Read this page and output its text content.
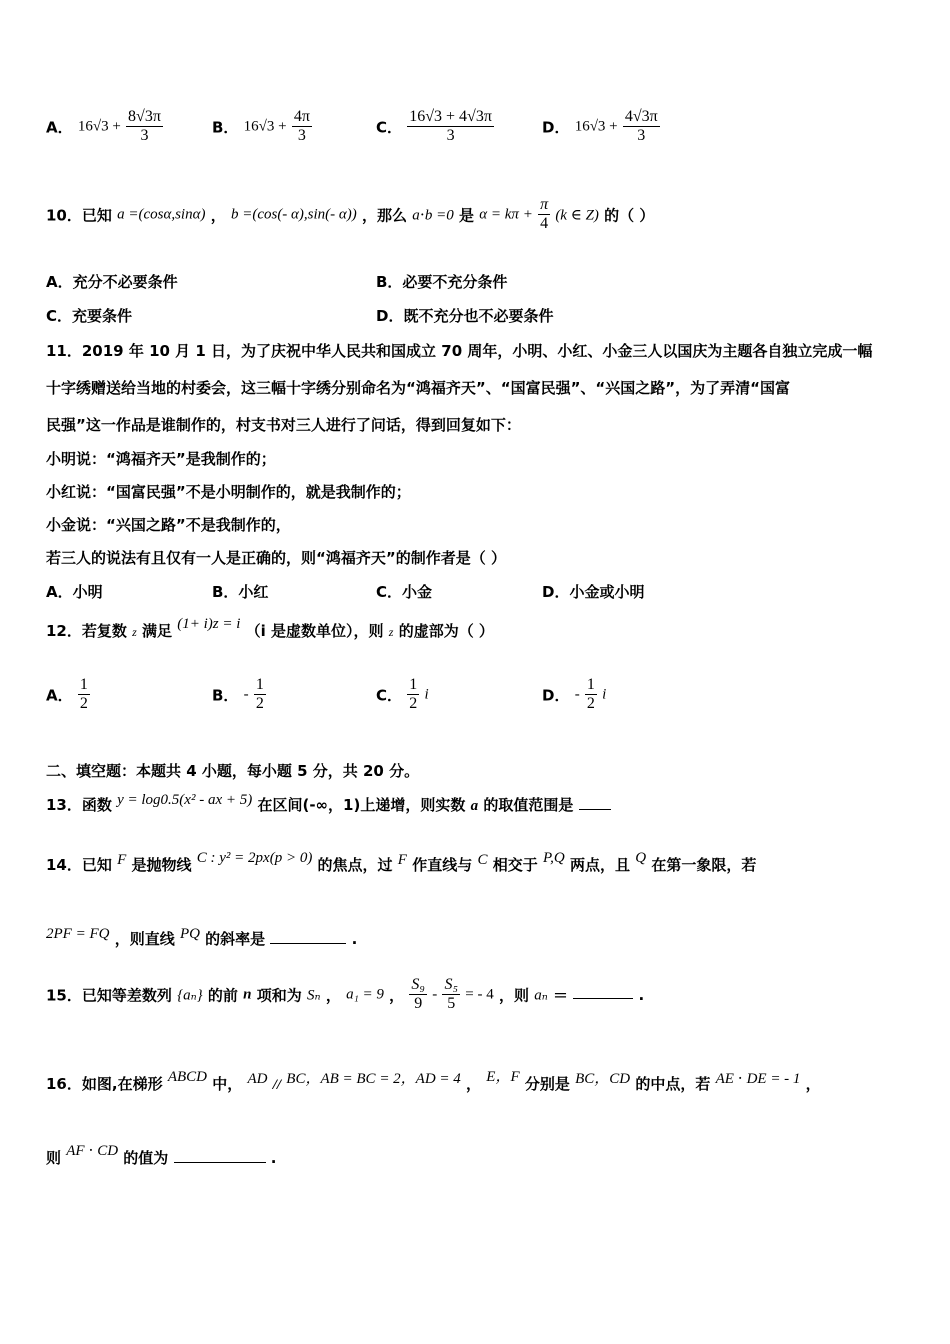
A． $16√3 + \frac{8√3\pi}{3}$	B． $16√3 + \frac{4\pi}{3}$	C． $\frac{16√3 + 4√3\pi}{3}$	D． $16√3 + \frac{4√3\pi}{3}$
10．已知 a =(cosα,sinα) ， b =(cos(- α),sin(- α)) ，那么 a⋅b =0 是 $\alpha = k\pi + \frac{\pi}{4} (k$ ∈ Z) 的（ ）
A．充分不必要条件	B．必要不充分条件
C．充要条件	D．既不充分也不必要条件
11．2019 年 10 月 1 日，为了庆祝中华人民共和国成立 70 周年，小明、小红、小金三人以国庆为主题各自独立完成一幅
十字绣赠送给当地的村委会，这三幅十字绣分别命名为“鸿福齐天”、“国富民强”、“兴国之路”，为了弄清“国富
民强”这一作品是谁制作的，村支书对三人进行了问话，得到回复如下：
小明说：“鸿福齐天”是我制作的；
小红说：“国富民强”不是小明制作的，就是我制作的；
小金说：“兴国之路”不是我制作的，
若三人的说法有且仅有一人是正确的，则“鸿福齐天”的制作者是（ ）
A．小明	B．小红	C．小金	D．小金或小明
12．若复数 z 满足 (1+ i)z = i （i 是虚数单位），则 z 的虚部为（ ）
A． $\frac{1}{2}$	B． - $\frac{1}{2}$	C． $\frac{1}{2}$ i	D． - $\frac{1}{2}$ i
二、填空题：本题共 4 小题，每小题 5 分，共 20 分。
13．函数 y = log0.5(x² - ax + 5) 在区间(-∞，1)上递增，则实数 a 的取值范围是
14．已知 F 是抛物线 C : y² = 2px(p > 0) 的焦点，过 F 作直线与 C 相交于 P,Q 两点，且 Q 在第一象限，若
2PF = FQ ，则直线 PQ 的斜率是	.
15．已知等差数列 {aₙ} 的前 n 项和为 Sₙ ， a₁ = 9 ， $\frac{\text{S₉}}{9} - \frac{\text{S₅}}{5}$ = - 4 ，则 aₙ ＝	.
16．如图,在梯形 ABCD 中， AD // BC，AB = BC = 2，AD = 4 ， E，F 分别是 BC，CD 的中点，若 AE ⋅ DE = - 1 ，
则 AF ⋅ CD 的值为	.
